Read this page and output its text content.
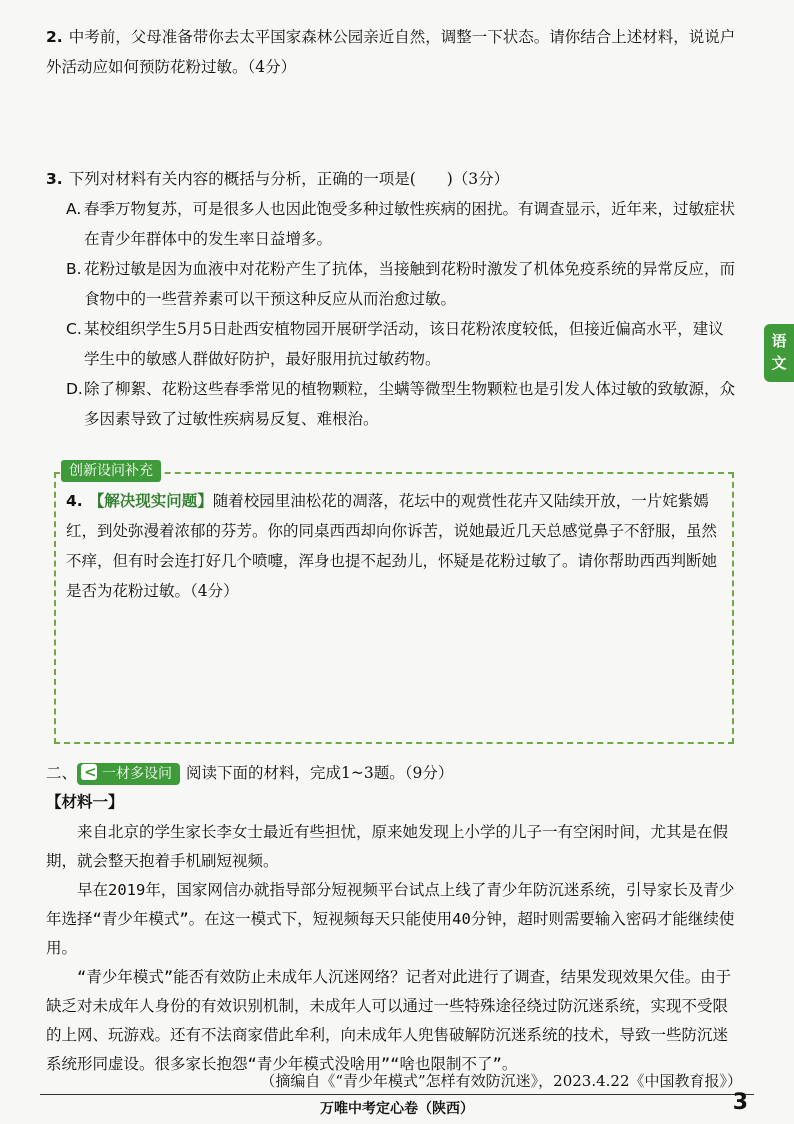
2. 中考前，父母准备带你去太平国家森林公园亲近自然，调整一下状态。请你结合上述材料，说说户外活动应如何预防花粉过敏。（4分）
3. 下列对材料有关内容的概括与分析，正确的一项是(　　)（3分）
A. 春季万物复苏，可是很多人也因此饱受多种过敏性疾病的困扰。有调查显示，近年来，过敏症状在青少年群体中的发生率日益增多。
B. 花粉过敏是因为血液中对花粉产生了抗体，当接触到花粉时激发了机体免疫系统的异常反应，而食物中的一些营养素可以干预这种反应从而治愈过敏。
C. 某校组织学生5月5日赴西安植物园开展研学活动，该日花粉浓度较低，但接近偏高水平，建议学生中的敏感人群做好防护，最好服用抗过敏药物。
D. 除了柳絮、花粉这些春季常见的植物颗粒，尘螨等微型生物颗粒也是引发人体过敏的致敏源，众多因素导致了过敏性疾病易反复、难根治。
语
文
创新设问补充
4. 【解决现实问题】随着校园里油松花的凋落，花坛中的观赏性花卉又陆续开放，一片姹紫嫣红，到处弥漫着浓郁的芬芳。你的同桌西西却向你诉苦，说她最近几天总感觉鼻子不舒服，虽然不痒，但有时会连打好几个喷嚏，浑身也提不起劲儿，怀疑是花粉过敏了。请你帮助西西判断她是否为花粉过敏。（4分）
二、< 一材多设问 阅读下面的材料，完成1~3题。（9分）
【材料一】
来自北京的学生家长李女士最近有些担忧，原来她发现上小学的儿子一有空闲时间，尤其是在假期，就会整天抱着手机刷短视频。
早在2019年，国家网信办就指导部分短视频平台试点上线了青少年防沉迷系统，引导家长及青少年选择“青少年模式”。在这一模式下，短视频每天只能使用40分钟，超时则需要输入密码才能继续使用。
“青少年模式”能否有效防止未成年人沉迷网络？记者对此进行了调查，结果发现效果欠佳。由于缺乏对未成年人身份的有效识别机制，未成年人可以通过一些特殊途径绕过防沉迷系统，实现不受限的上网、玩游戏。还有不法商家借此牟利，向未成年人兜售破解防沉迷系统的技术，导致一些防沉迷系统形同虚设。很多家长抱怨“青少年模式没啥用”“啥也限制不了”。
（摘编自《“青少年模式”怎样有效防沉迷》，2023.4.22《中国教育报》）
万唯中考定心卷（陕西）	3
